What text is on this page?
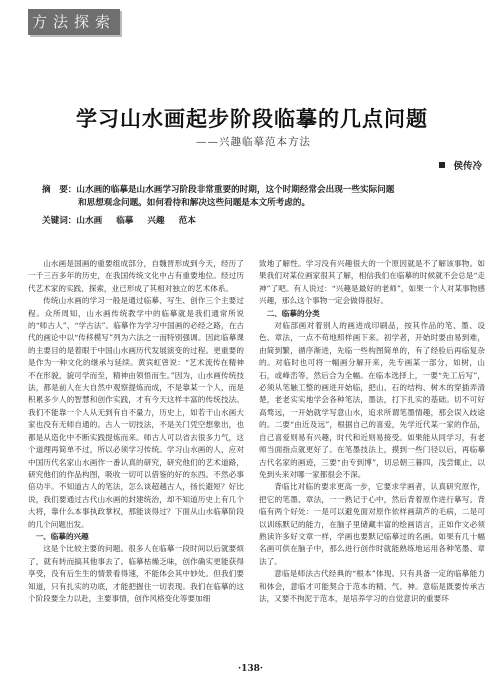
方法探索
学习山水画起步阶段临摹的几点问题
——兴趣临摹范本方法
侯传冷
摘　要：山水画的临摹是山水画学习阶段非常重要的时期，这个时期经常会出现一些实际问题
和思想观念问题。如何看待和解决这些问题是本文所考虑的。
关键词：山水画 临摹 兴趣 范本

山水画是国画的重要组成部分，自魏晋形成到今天，经历了一千三百多年的历史，在我国传统文化中占有重要地位。经过历代艺术家的实践、探索，业已形成了其相对独立的艺术体系。

传统山水画的学习一般是通过临摹、写生、创作三个主要过程。众所周知，山水画传统教学中的临摹就是我们通常所说的“师古人”、“学古法”。临摹作为学习中国画的必经之路，在古代的画论中以“传移模写”列为六法之一而特别强调。因此临摹课的主要目的是着眼于中国山水画历代发展演变的过程。更重要的是作为一种文化的继承与延续。黄宾虹曾说：“艺术流传在精神不在形貌，貌可学而至，精神由领悟而生。”因为，山水画传统技法，都是前人在大自然中观察提炼而成，不是靠某一个人，而是积累多少人的智慧和创作实践，才有今天这样丰富的传统技法。我们不能靠一个人从无到有自不量力，历史上，如若干山水画大家也没有无师自通的。古人一切技法，不是关门凭空想象出，也都是从造化中不断实践提炼而来。师古人可以省去很多力气，这个道理再简单不过，所以必须学习传统。学习山水画的人，应对中国历代名家山水画作一番认真的研究，研究他们的艺术道路，研究他们的作品构图，吸收一切可以借鉴的好的东西。不然必事倍功半。不知道古人的笔法，怎么谈超越古人，扬长避短？好比说，我们要通过古代山水画的封建统治，却不知道历史上有几个大将，靠什么本事执政掌权，那能谈得过？下面从山水临摹阶段的几个问题出发。

一、临摹的兴趣

这是个比较主要的问题。很多人在临摹一段时间以后就要烦了，就有转而搞其他事去了。临摹枯燥乏味，创作确实更能获得享受，没有后生生的情景看得速，不能体会其中妙处。但我们要知道，只有扎实的功底，才能把握住一切表现。我们在临摹的这个阶段要全力以赴，主要事情，创作风格变化等要加细

致地了解性。学习没有兴趣很大的一个原因就是不了解该事物。如果我们对某位画家很其了解，相信我们在临摹的时候就不会总是“走神”了吧。有人说过：“兴趣是最好的老师”，如果一个人对某事物感兴趣，那么这个事物一定会做得很好。

二、临摹的分类

对临部画对着别人的画进成印刷品，按其作品的笔、墨、设色、章法，一点不苟地照样画下来。初学者，开始时要由易到难，由简到繁，循序渐进，先临一些构图简单的，有了经验后再临复杂的。对临时也可将一幅画分解开来，先专画某一部分，如树，山石，或峰峦等，然后合为全幅。在临本选择上，一要“先工后写”，必须从笔触工整的画进开始临，把山、石的结构、树木的穿插弄清楚，老老实实地学会各种笔法，墨法，打下扎实的基础。切不可好高骛远，一开始就学写意山水，追求所谓笔墨情趣，那会误入歧途的。二要“由近及远”，根据自己的喜爱，先学近代某一家的作品，自己喜爱则易有兴趣，时代和近则易接受。如果能从同学习，有老师当面指点就更好了。在笔墨技法上，摸到一些门径以后，再临摹古代名家的画迹，三要“由专到博”，切忌朝三暮四，浅尝辄止，以免到头来对哪一家都很会不深。

背临比对临的要求更高一步，它要求学画者，认真研究原作，把它的笔墨、章法，一一熟记于心中，然后背着原作进行摹写。背临有两个好处：一是可以避免面对原作依样画葫芦的毛病，二是可以训练默记的能力，在脑子里储藏丰富的绘画语言，正如作文必须熟读许多好文章一样，学画也要默记临摹过的名画。如果有几十幅名画可供在脑子中，那么进行创作时就能熟练地运用各种笔墨、章法了。

意临是师法古代经典的“根本”体现。只有具备一定的临摹能力和体会，意临才可能契合于范本的精、气、神。意临是既要传承古法，又要不拘泥于范本，是培养学习的自觉意识的重要环

·138·
